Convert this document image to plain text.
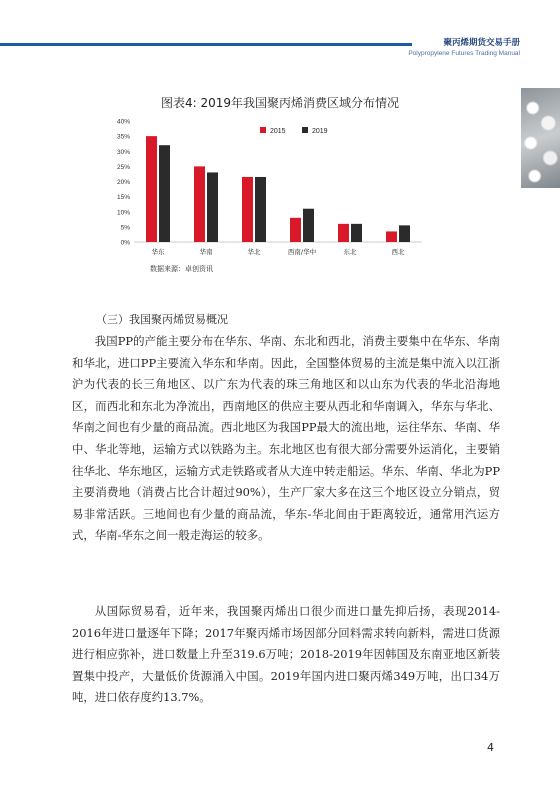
聚丙烯期货交易手册
Polypropylene Futures Trading Manual
图表4: 2019年我国聚丙烯消费区域分布情况
0%
5%
10%
15%
20%
25%
30%
35%
40%
华东	华南	华北	西南/华中	东北	西北
2015	2019
数据来源：卓创资讯
（三）我国聚丙烯贸易概况

我国PP的产能主要分布在华东、华南、东北和西北，消费主要集中在华东、华南和华北，进口PP主要流入华东和华南。因此，全国整体贸易的主流是集中流入以江浙沪为代表的长三角地区、以广东为代表的珠三角地区和以山东为代表的华北沿海地区，而西北和东北为净流出，西南地区的供应主要从西北和华南调入，华东与华北、华南之间也有少量的商品流。西北地区为我国PP最大的流出地，运往华东、华南、华中、华北等地，运输方式以铁路为主。东北地区也有很大部分需要外运消化，主要销往华北、华东地区，运输方式走铁路或者从大连中转走船运。华东、华南、华北为PP主要消费地（消费占比合计超过90%），生产厂家大多在这三个地区设立分销点，贸易非常活跃。三地间也有少量的商品流，华东-华北间由于距离较近，通常用汽运方式，华南-华东之间一般走海运的较多。

从国际贸易看，近年来，我国聚丙烯出口很少而进口量先抑后扬，表现2014-2016年进口量逐年下降；2017年聚丙烯市场因部分回料需求转向新料，需进口货源进行相应弥补，进口数量上升至319.6万吨；2018-2019年因韩国及东南亚地区新装置集中投产，大量低价货源涌入中国。2019年国内进口聚丙烯349万吨，出口34万吨，进口依存度约13.7%。

4
